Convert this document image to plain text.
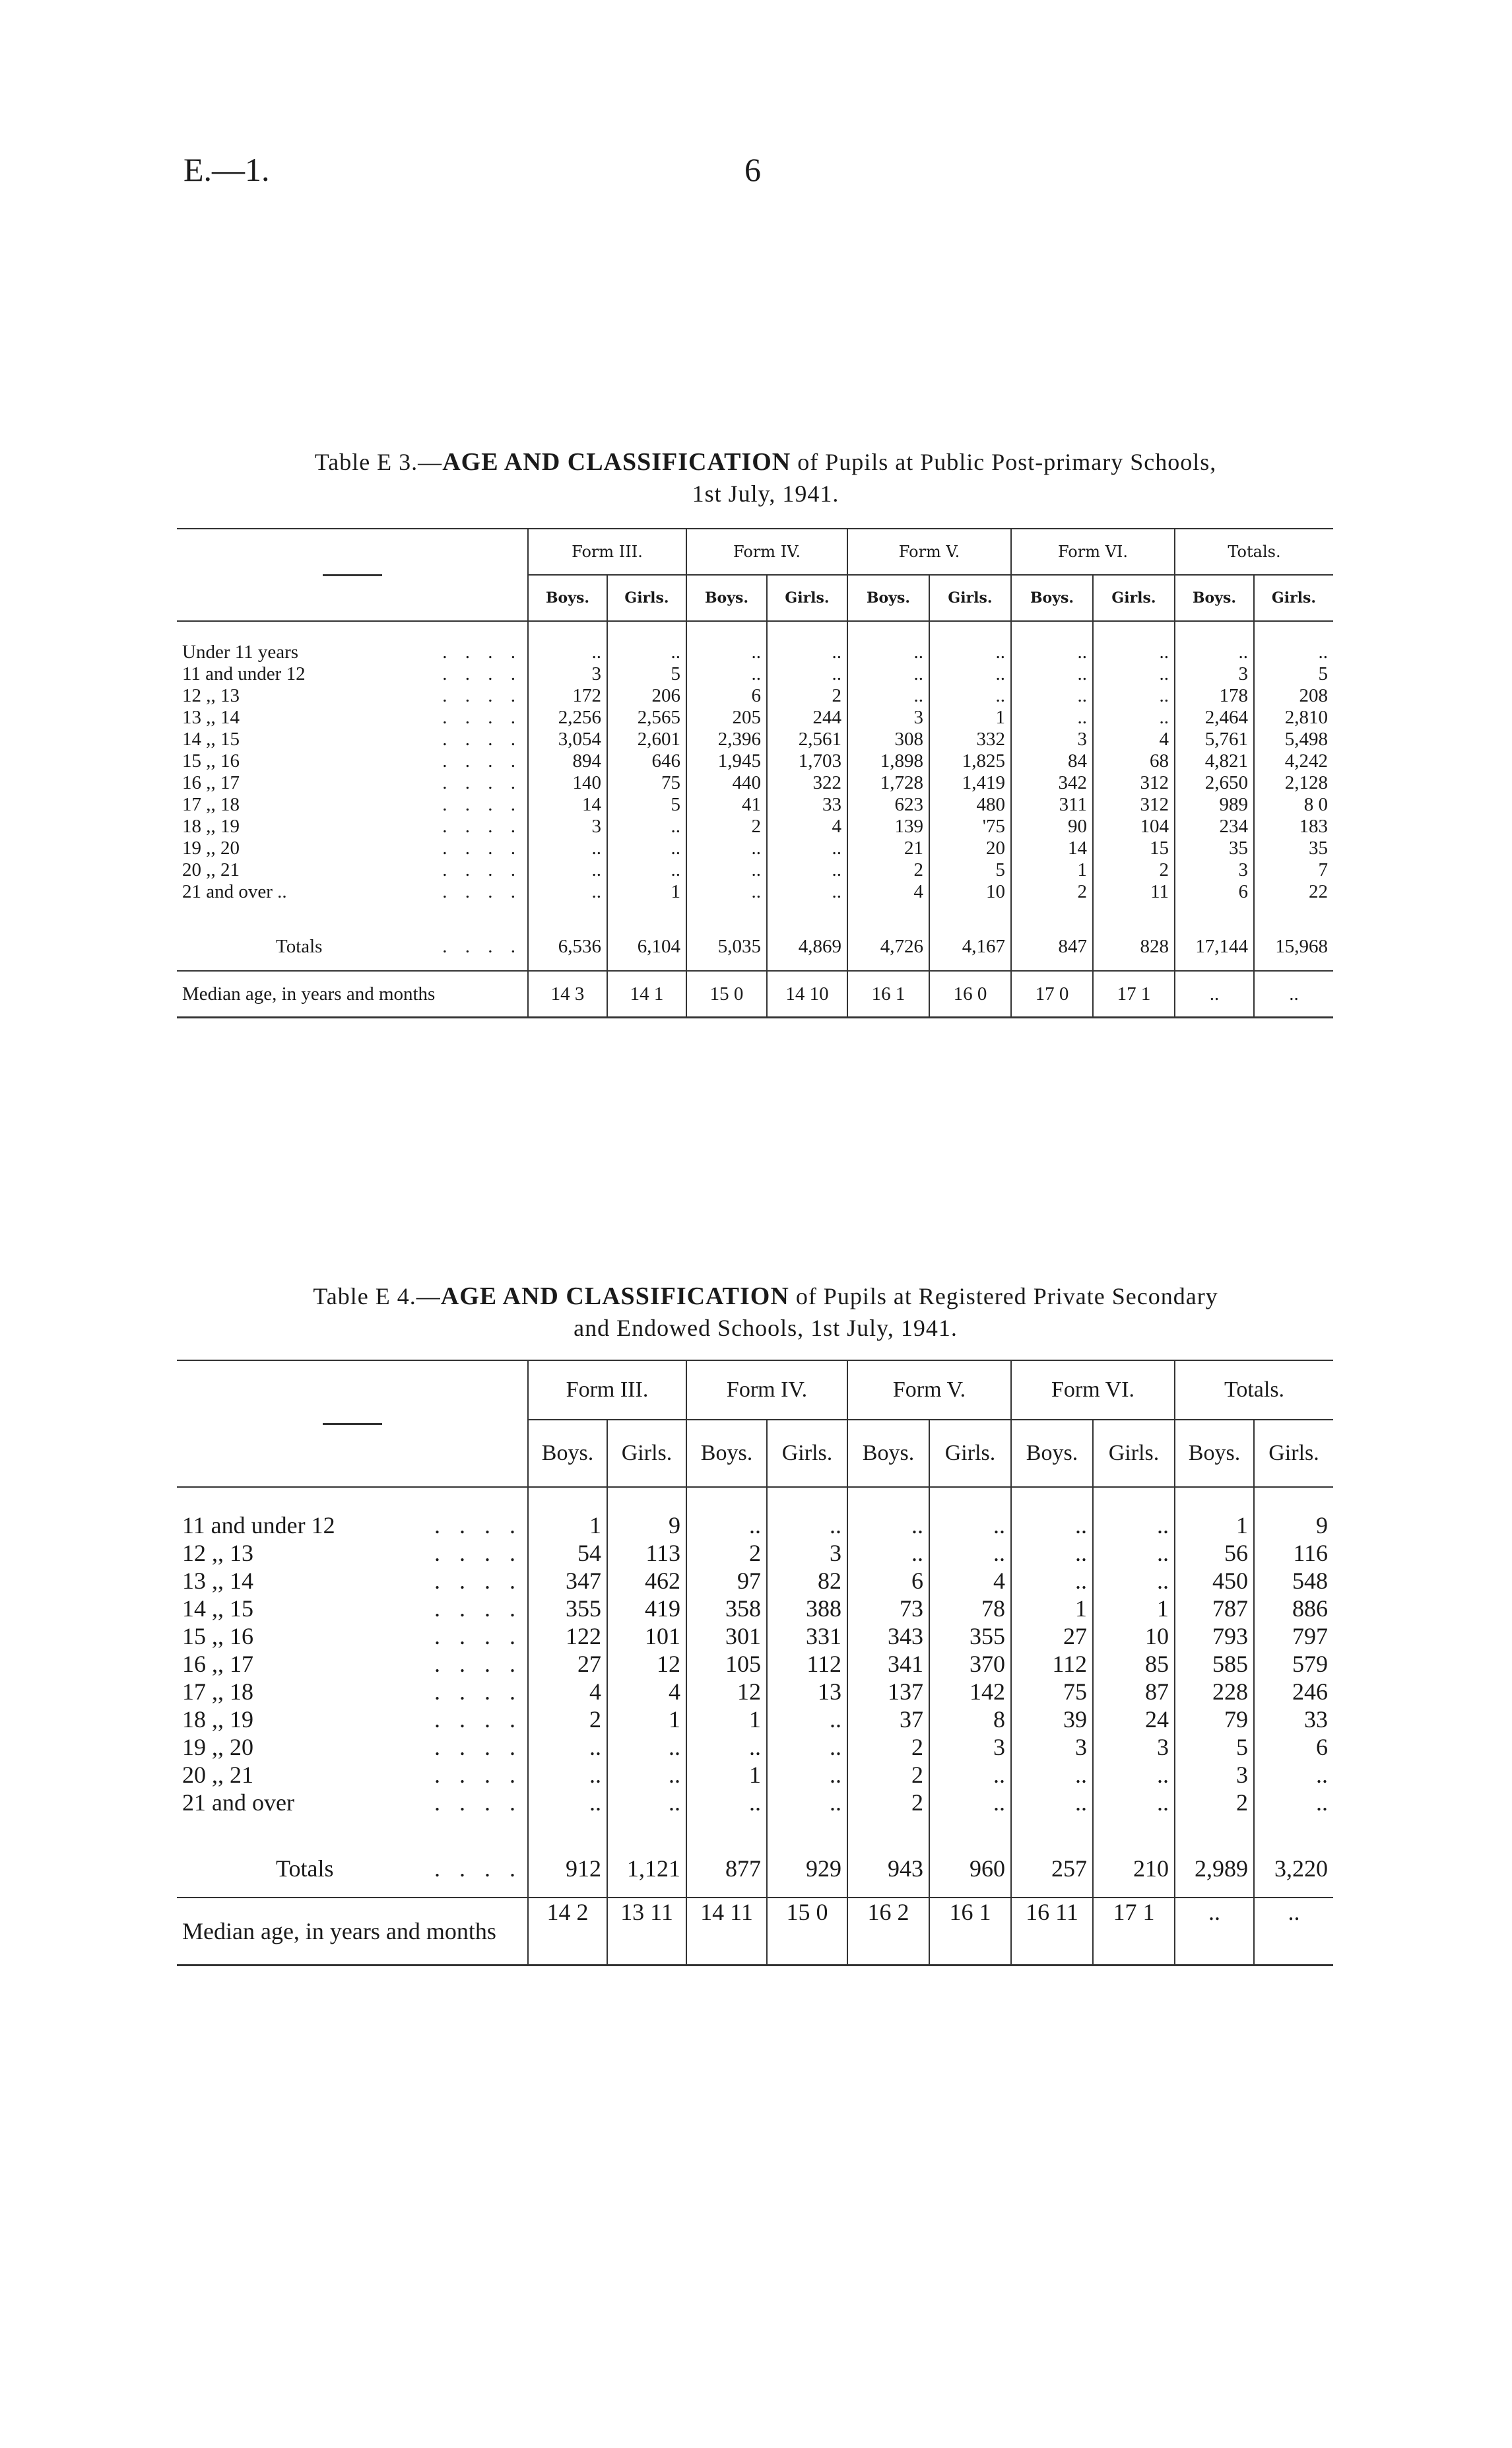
E.—1.	6
Table E 3.—AGE AND CLASSIFICATION of Pupils at Public Post-primary Schools,
1st July, 1941.
	Form III.		Form IV.		Form V.		Form VI.		Totals.	
	Boys.	Girls.	Boys.	Girls.	Boys.	Girls.	Boys.	Girls.	Boys.	Girls.

Under 11 years . . . .	..	..	..	..	..	..	..	..	..	..
11 and under 12 . . . .	3	5	..	..	..	..	..	..	3	5
12 ,, 13 . . . .	172	206	6	2	..	..	..	..	178	208
13 ,, 14 . . . .	2,256	2,565	205	244	3	1	..	..	2,464	2,810
14 ,, 15 . . . .	3,054	2,601	2,396	2,561	308	332	3	4	5,761	5,498
15 ,, 16 . . . .	894	646	1,945	1,703	1,898	1,825	84	68	4,821	4,242
16 ,, 17 . . . .	140	75	440	322	1,728	1,419	342	312	2,650	2,128
17 ,, 18 . . . .	14	5	41	33	623	480	311	312	989	8 0
18 ,, 19 . . . .	3	..	2	4	139	'75	90	104	234	183
19 ,, 20 . . . .	..	..	..	..	21	20	14	15	35	35
20 ,, 21 . . . .	..	..	..	..	2	5	1	2	3	7
21 and over .. . . . .	..	1	..	..	4	10	2	11	6	22

Totals . . . .	6,536	6,104	5,035	4,869	4,726	4,167	847	828	17,144	15,968
Median age, in years and months	14 3	14 1	15 0	14 10	16 1	16 0	17 0	17 1	..	..
Table E 4.—AGE AND CLASSIFICATION of Pupils at Registered Private Secondary
and Endowed Schools, 1st July, 1941.
	Form III.		Form IV.		Form V.		Form VI.		Totals.	
	Boys.	Girls.	Boys.	Girls.	Boys.	Girls.	Boys.	Girls.	Boys.	Girls.

11 and under 12 . . . .	1	9	..	..	..	..	..	..	1	9
12 ,, 13 . . . .	54	113	2	3	..	..	..	..	56	116
13 ,, 14 . . . .	347	462	97	82	6	4	..	..	450	548
14 ,, 15 . . . .	355	419	358	388	73	78	1	1	787	886
15 ,, 16 . . . .	122	101	301	331	343	355	27	10	793	797
16 ,, 17 . . . .	27	12	105	112	341	370	112	85	585	579
17 ,, 18 . . . .	4	4	12	13	137	142	75	87	228	246
18 ,, 19 . . . .	2	1	1	..	37	8	39	24	79	33
19 ,, 20 . . . .	..	..	..	..	2	3	3	3	5	6
20 ,, 21 . . . .	..	..	1	..	2	..	..	..	3	..
21 and over . . . .	..	..	..	..	2	..	..	..	2	..

Totals . . . .	912	1,121	877	929	943	960	257	210	2,989	3,220
Median age, in years and months	14 2	13 11	14 11	15 0	16 2	16 1	16 11	17 1	..	..
